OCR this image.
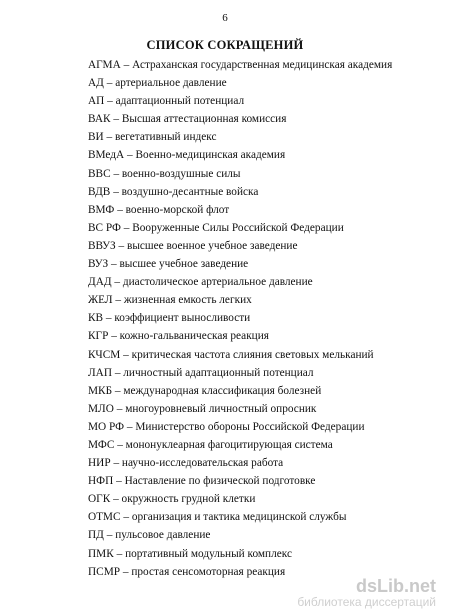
6
СПИСОК СОКРАЩЕНИЙ
АГМА – Астраханская государственная медицинская академия
АД – артериальное давление
АП – адаптационный потенциал
ВАК – Высшая аттестационная комиссия
ВИ – вегетативный индекс
ВМедА – Военно-медицинская академия
ВВС – военно-воздушные силы
ВДВ – воздушно-десантные войска
ВМФ – военно-морской флот
ВС РФ – Вооруженные Силы Российской Федерации
ВВУЗ – высшее военное учебное заведение
ВУЗ – высшее учебное заведение
ДАД – диастолическое артериальное давление
ЖЕЛ – жизненная емкость легких
КВ – коэффициент выносливости
КГР – кожно-гальваническая реакция
КЧСМ – критическая частота слияния световых мельканий
ЛАП – личностный адаптационный потенциал
МКБ – международная классификация болезней
МЛО – многоуровневый личностный опросник
МО РФ – Министерство обороны Российской Федерации
МФС – мононуклеарная фагоцитирующая система
НИР – научно-исследовательская работа
НФП – Наставление по физической подготовке
ОГК – окружность грудной клетки
ОТМС – организация и тактика медицинской службы
ПД – пульсовое давление
ПМК – портативный модульный комплекс
ПСМР – простая сенсомоторная реакция
dsLib.net
библиотека диссертаций
